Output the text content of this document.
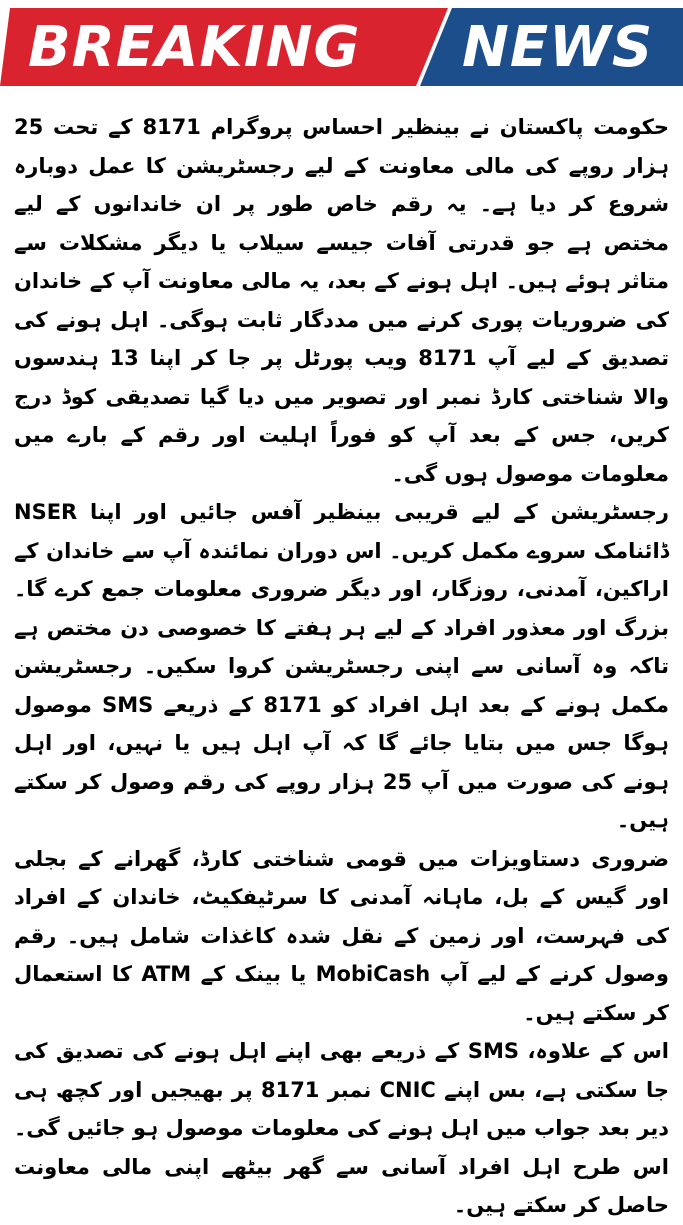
BREAKING NEWS

حکومت پاکستان نے بینظیر احساس پروگرام 8171 کے تحت 25 ہزار روپے کی مالی معاونت کے لیے رجسٹریشن کا عمل دوبارہ شروع کر دیا ہے۔ یہ رقم خاص طور پر ان خاندانوں کے لیے مختص ہے جو قدرتی آفات جیسے سیلاب یا دیگر مشکلات سے متاثر ہوئے ہیں۔ اہل ہونے کے بعد، یہ مالی معاونت آپ کے خاندان کی ضروریات پوری کرنے میں مددگار ثابت ہوگی۔ اہل ہونے کی تصدیق کے لیے آپ 8171 ویب پورٹل پر جا کر اپنا 13 ہندسوں والا شناختی کارڈ نمبر اور تصویر میں دیا گیا تصدیقی کوڈ درج کریں، جس کے بعد آپ کو فوراً اہلیت اور رقم کے بارے میں معلومات موصول ہوں گی۔

رجسٹریشن کے لیے قریبی بینظیر آفس جائیں اور اپنا NSER ڈائنامک سروے مکمل کریں۔ اس دوران نمائندہ آپ سے خاندان کے اراکین، آمدنی، روزگار، اور دیگر ضروری معلومات جمع کرے گا۔ بزرگ اور معذور افراد کے لیے ہر ہفتے کا خصوصی دن مختص ہے تاکہ وہ آسانی سے اپنی رجسٹریشن کروا سکیں۔ رجسٹریشن مکمل ہونے کے بعد اہل افراد کو 8171 کے ذریعے SMS موصول ہوگا جس میں بتایا جائے گا کہ آپ اہل ہیں یا نہیں، اور اہل ہونے کی صورت میں آپ 25 ہزار روپے کی رقم وصول کر سکتے ہیں۔

ضروری دستاویزات میں قومی شناختی کارڈ، گھرانے کے بجلی اور گیس کے بل، ماہانہ آمدنی کا سرٹیفکیٹ، خاندان کے افراد کی فہرست، اور زمین کے نقل شدہ کاغذات شامل ہیں۔ رقم وصول کرنے کے لیے آپ MobiCash یا بینک کے ATM کا استعمال کر سکتے ہیں۔

اس کے علاوہ، SMS کے ذریعے بھی اپنے اہل ہونے کی تصدیق کی جا سکتی ہے، بس اپنے CNIC نمبر 8171 پر بھیجیں اور کچھ ہی دیر بعد جواب میں اہل ہونے کی معلومات موصول ہو جائیں گی۔ اس طرح اہل افراد آسانی سے گھر بیٹھے اپنی مالی معاونت حاصل کر سکتے ہیں۔
